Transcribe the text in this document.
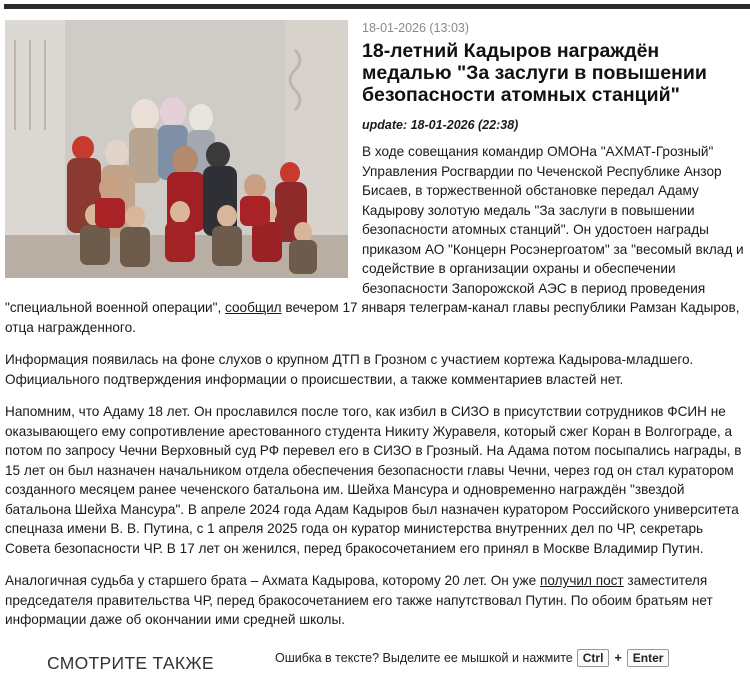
18-01-2026 (13:03)
18-летний Кадыров награждён медалью "За заслуги в повышении безопасности атомных станций"
update: 18-01-2026 (22:38)

В ходе совещания командир ОМОНа "АХМАТ-Грозный" Управления Росгвардии по Чеченской Республике Анзор Бисаев, в торжественной обстановке передал Адаму Кадырову золотую медаль "За заслуги в повышении безопасности атомных станций". Он удостоен награды приказом АО "Концерн Росэнергоатом" за "весомый вклад и содействие в организации охраны и обеспечении безопасности Запорожской АЭС в период проведения "специальной военной операции", сообщил вечером 17 января телеграм-канал главы республики Рамзан Кадыров, отца награжденного.

Информация появилась на фоне слухов о крупном ДТП в Грозном с участием кортежа Кадырова-младшего. Официального подтверждения информации о происшествии, а также комментариев властей нет.

Напомним, что Адаму 18 лет. Он прославился после того, как избил в СИЗО в присутствии сотрудников ФСИН не оказывающего ему сопротивление арестованного студента Никиту Журавеля, который сжег Коран в Волгограде, а потом по запросу Чечни Верховный суд РФ перевел его в СИЗО в Грозный. На Адама потом посыпались награды, в 15 лет он был назначен начальником отдела обеспечения безопасности главы Чечни, через год он стал куратором созданного месяцем ранее чеченского батальона им. Шейха Мансура и одновременно награждён "звездой батальона Шейха Мансура". В апреле 2024 года Адам Кадыров был назначен куратором Российского университета спецназа имени В. В. Путина, с 1 апреля 2025 года он куратор министерства внутренних дел по ЧР, секретарь Совета безопасности ЧР. В 17 лет он женился, перед бракосочетанием его принял в Москве Владимир Путин.

Аналогичная судьба у старшего брата – Ахмата Кадырова, которому 20 лет. Он уже получил пост заместителя председателя правительства ЧР, перед бракосочетанием его также напутствовал Путин. По обоим братьям нет информации даже об окончании ими средней школы.

СМОТРИТЕ ТАКЖЕ	Ошибка в тексте? Выделите ее мышкой и нажмите Ctrl + Enter
